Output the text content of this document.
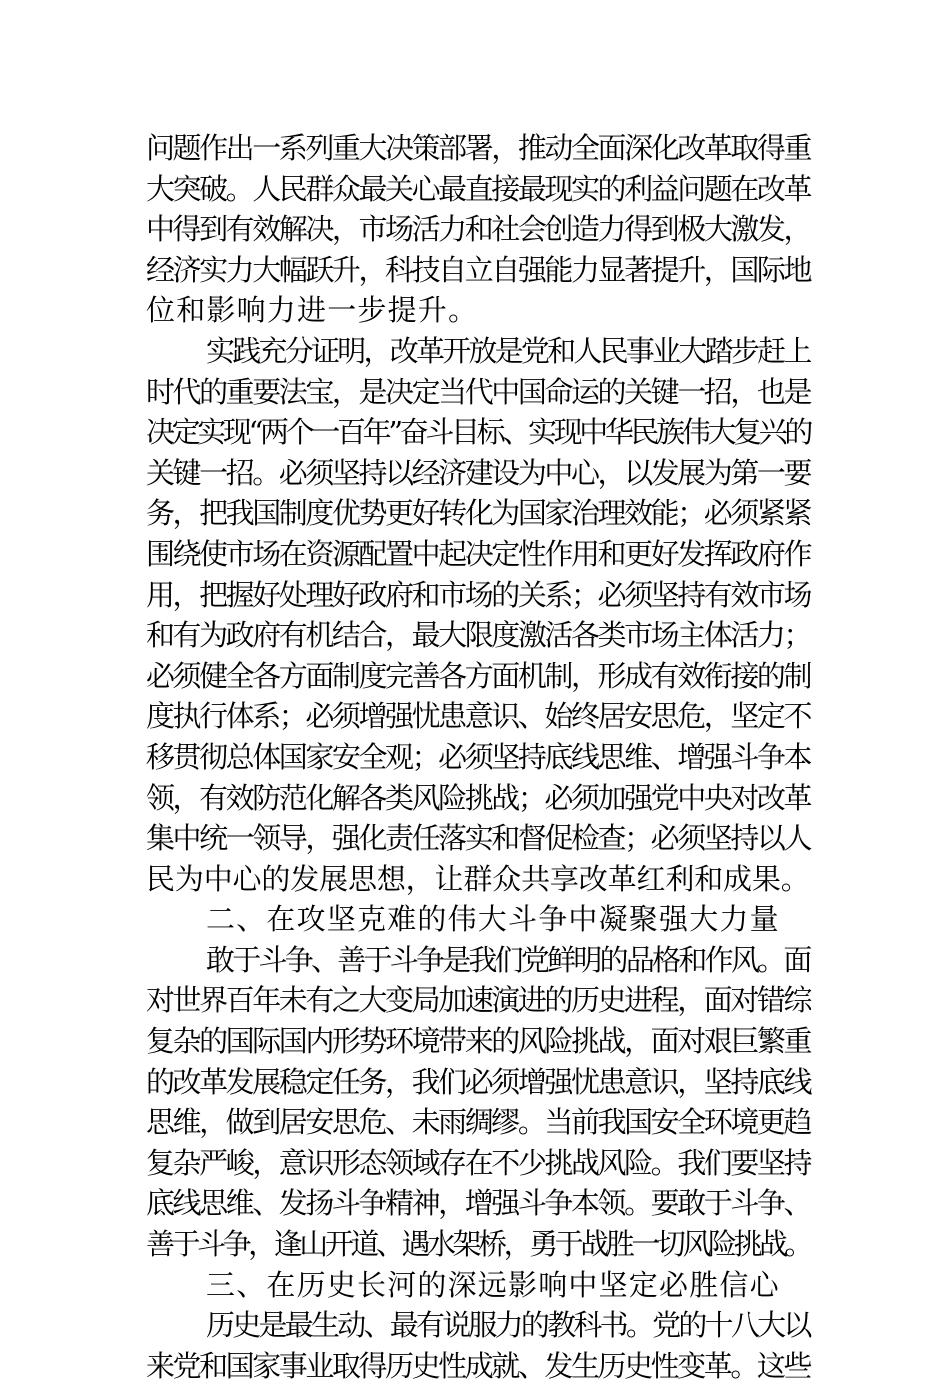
问题作出一系列重大决策部署，推动全面深化改革取得重
大突破。人民群众最关心最直接最现实的利益问题在改革
中得到有效解决，市场活力和社会创造力得到极大激发，
经济实力大幅跃升，科技自立自强能力显著提升，国际地
位和影响力进一步提升。
实践充分证明，改革开放是党和人民事业大踏步赶上
时代的重要法宝，是决定当代中国命运的关键一招，也是
决定实现“两个一百年”奋斗目标、实现中华民族伟大复兴的
关键一招。必须坚持以经济建设为中心，以发展为第一要
务，把我国制度优势更好转化为国家治理效能；必须紧紧
围绕使市场在资源配置中起决定性作用和更好发挥政府作
用，把握好处理好政府和市场的关系；必须坚持有效市场
和有为政府有机结合，最大限度激活各类市场主体活力；
必须健全各方面制度完善各方面机制，形成有效衔接的制
度执行体系；必须增强忧患意识、始终居安思危，坚定不
移贯彻总体国家安全观；必须坚持底线思维、增强斗争本
领，有效防范化解各类风险挑战；必须加强党中央对改革
集中统一领导，强化责任落实和督促检查；必须坚持以人
民为中心的发展思想，让群众共享改革红利和成果。
二、在攻坚克难的伟大斗争中凝聚强大力量
敢于斗争、善于斗争是我们党鲜明的品格和作风。面
对世界百年未有之大变局加速演进的历史进程，面对错综
复杂的国际国内形势环境带来的风险挑战，面对艰巨繁重
的改革发展稳定任务，我们必须增强忧患意识，坚持底线
思维，做到居安思危、未雨绸缪。当前我国安全环境更趋
复杂严峻，意识形态领域存在不少挑战风险。我们要坚持
底线思维、发扬斗争精神，增强斗争本领。要敢于斗争、
善于斗争，逢山开道、遇水架桥，勇于战胜一切风险挑战。
三、在历史长河的深远影响中坚定必胜信心
历史是最生动、最有说服力的教科书。党的十八大以
来党和国家事业取得历史性成就、发生历史性变革。这些
